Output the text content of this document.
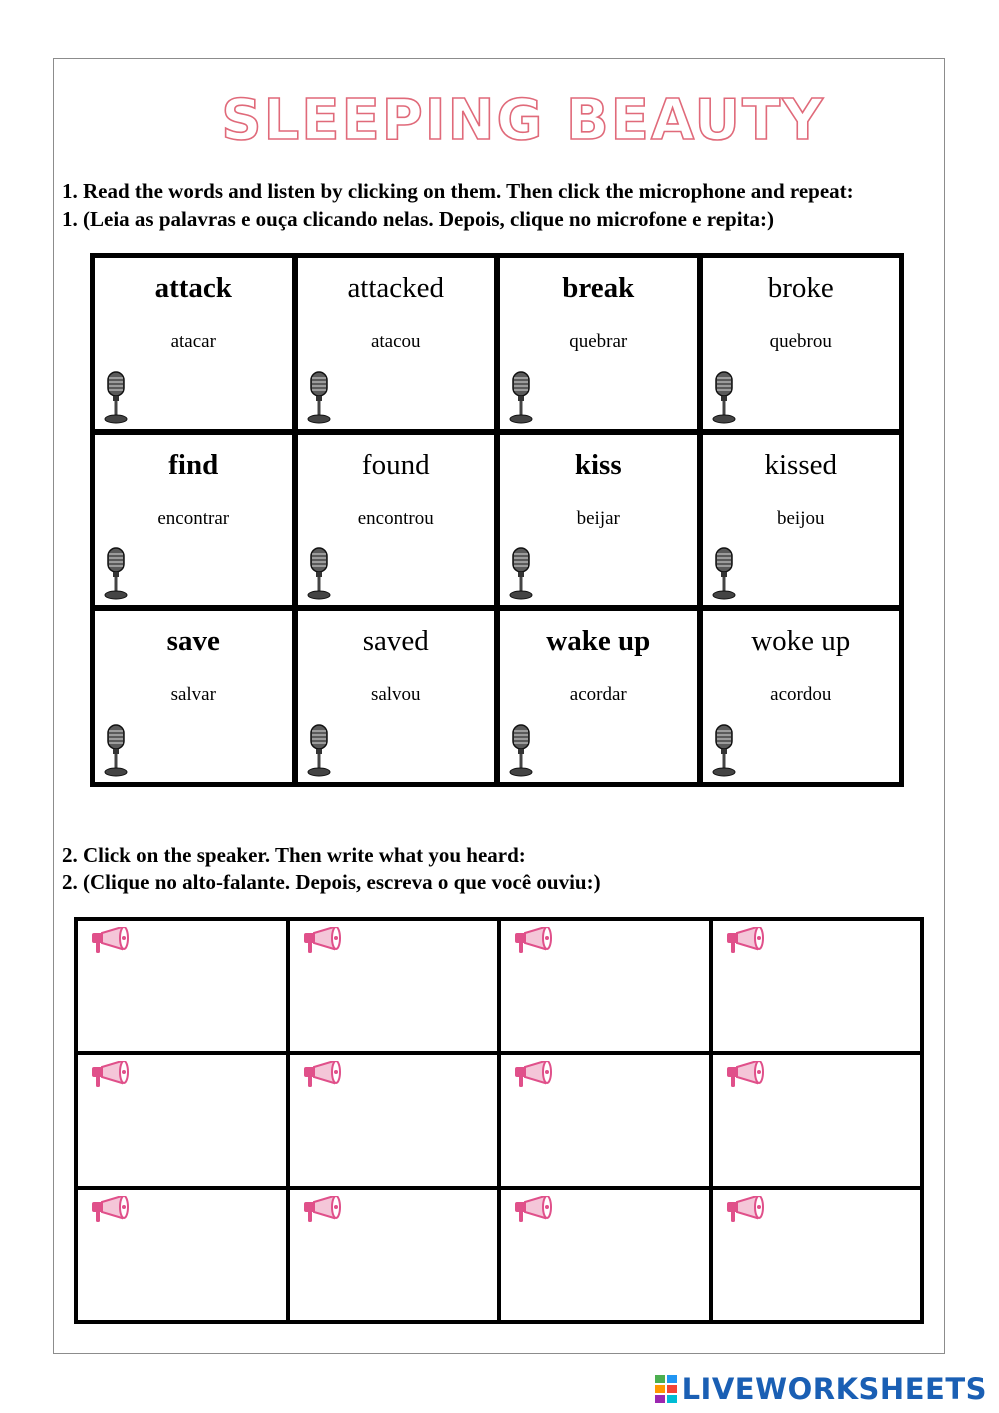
SLEEPING BEAUTY
1. Read the words and listen by clicking on them. Then click the microphone and repeat:
1. (Leia as palavras e ouça clicando nelas. Depois, clique no microfone e repita:)
attack
atacar
attacked
atacou
break
quebrar
broke
quebrou
find
encontrar
found
encontrou
kiss
beijar
kissed
beijou
save
salvar
saved
salvou
wake up
acordar
woke up
acordou
2. Click on the speaker. Then write what you heard:
2. (Clique no alto-falante. Depois, escreva o que você ouviu:)
LIVEWORKSHEETS
